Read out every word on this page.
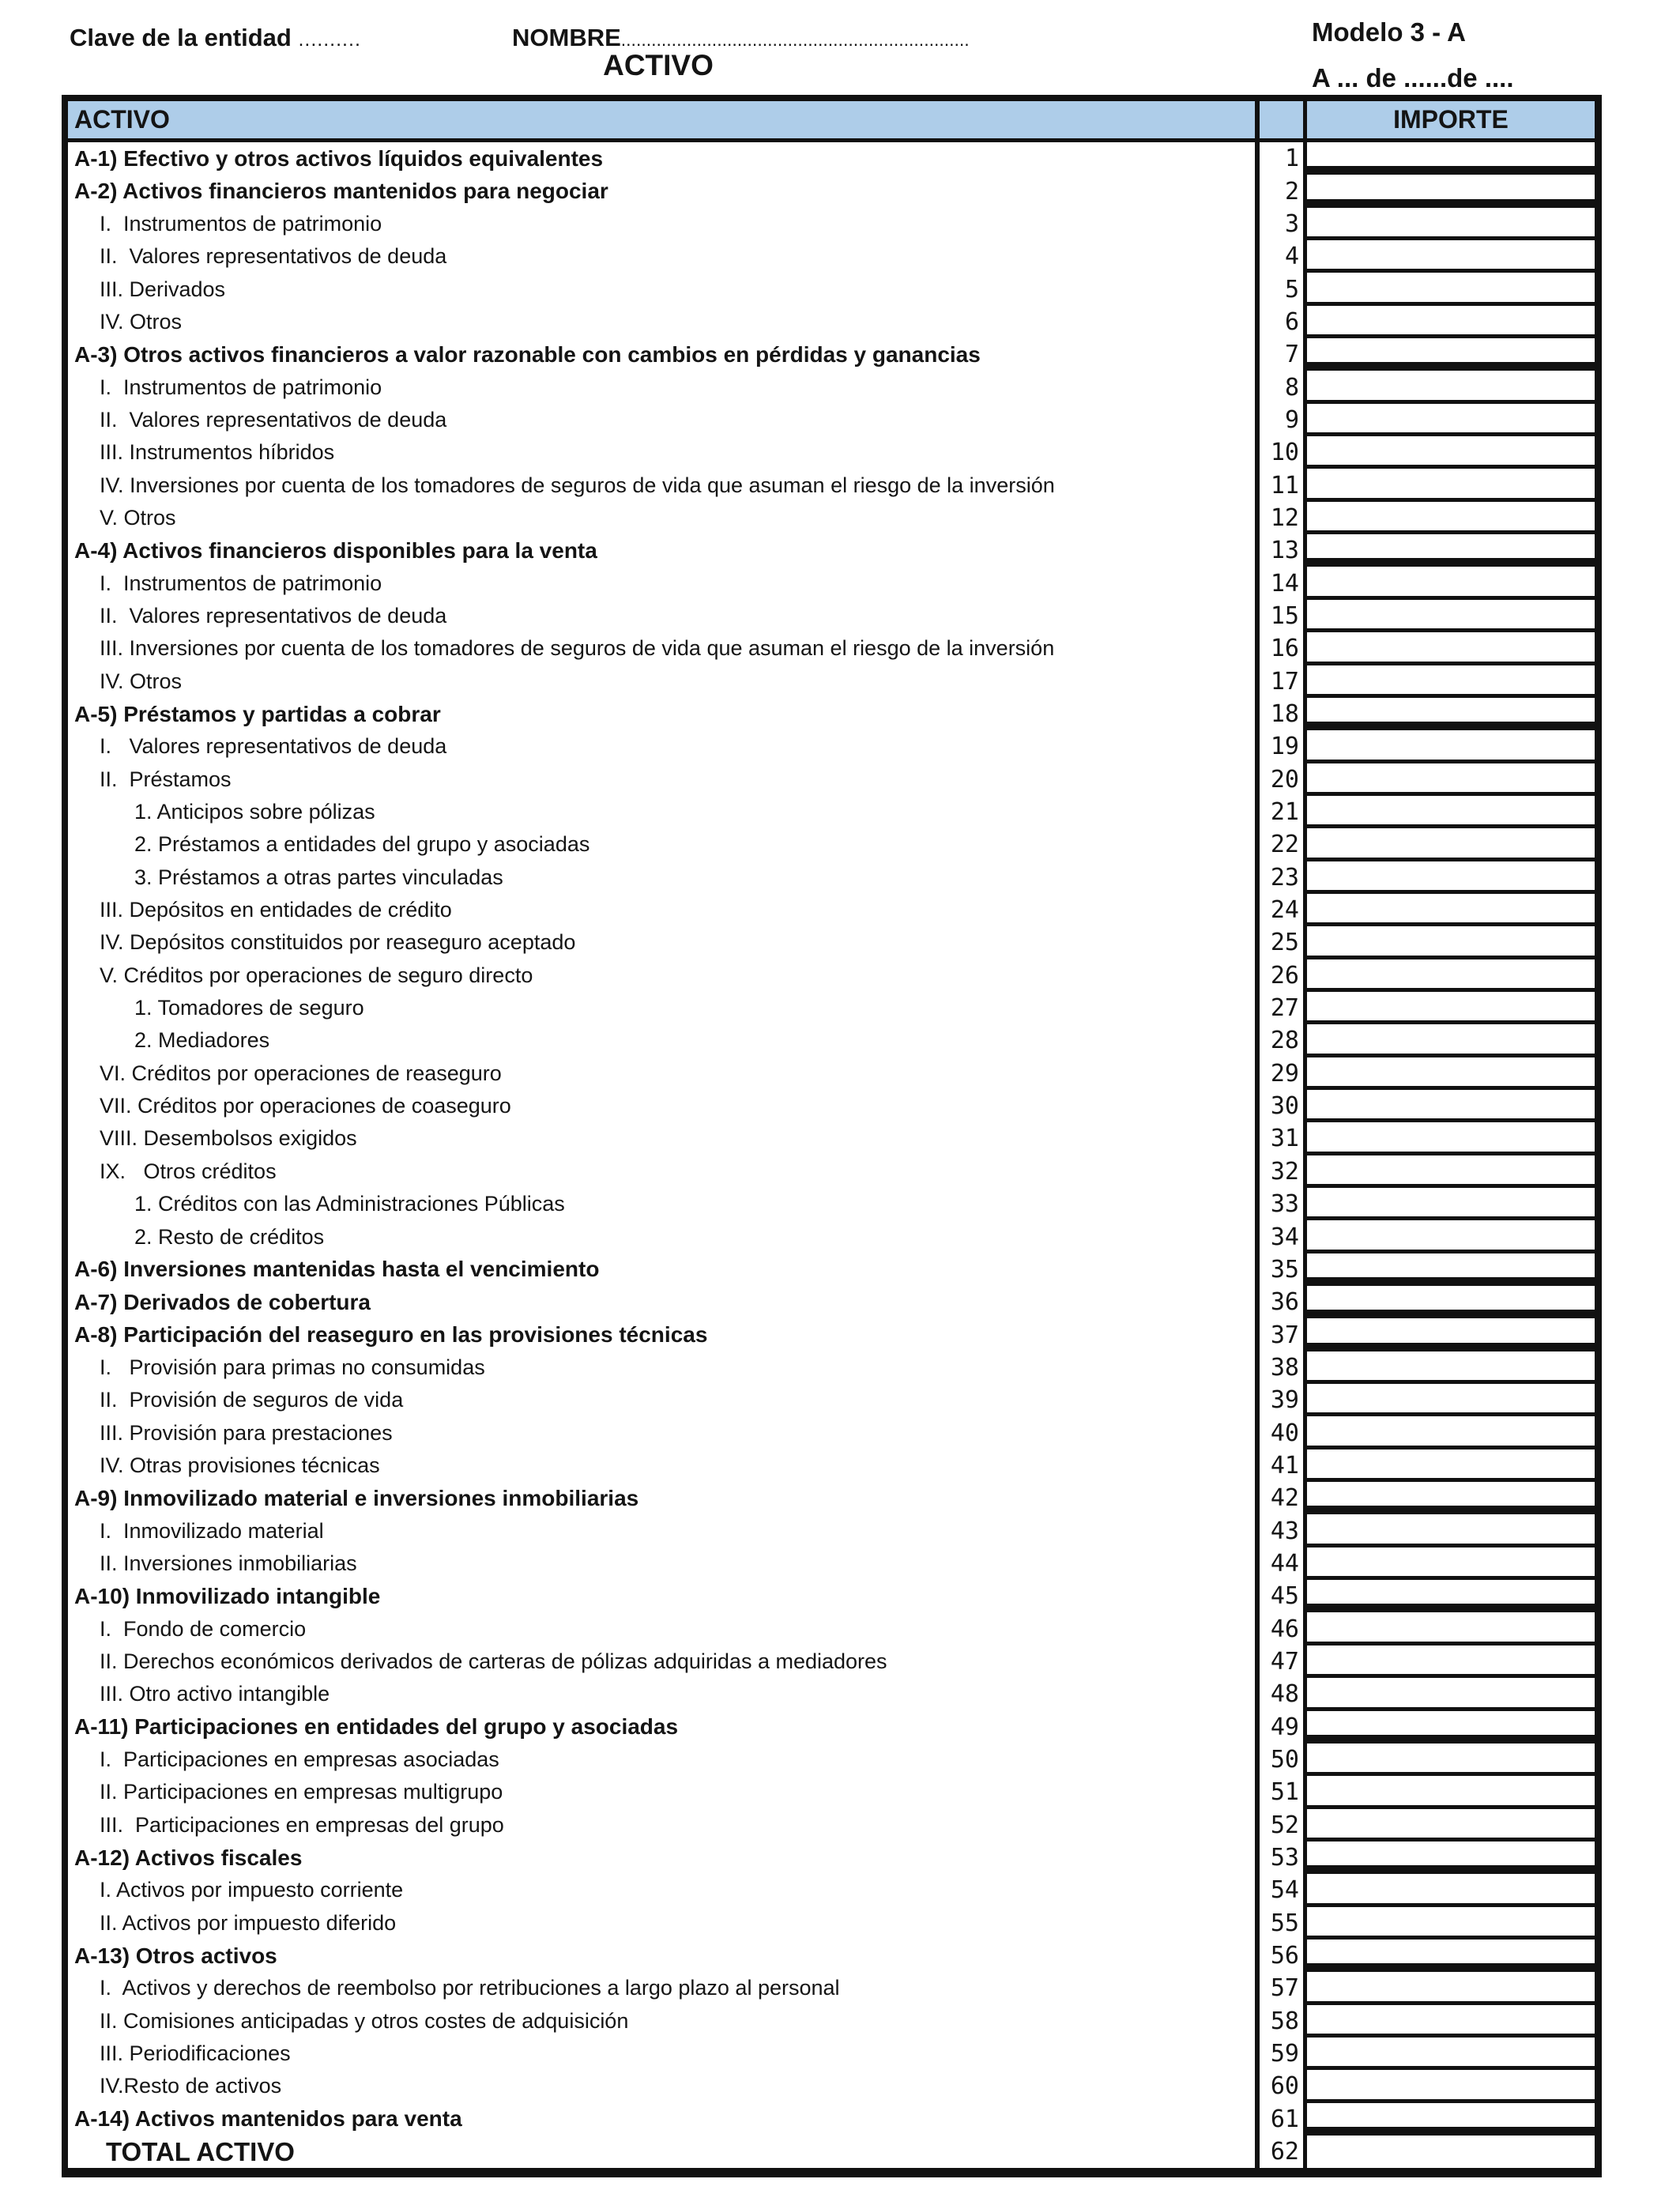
Clave de la entidad ..........	NOMBRE.....................................................................	Modelo 3 - A
ACTIVO	A ... de ......de ....
ACTIVO	IMPORTE
A-1) Efectivo y otros activos líquidos equivalentes	1
A-2) Activos financieros mantenidos para negociar	2
I.  Instrumentos de patrimonio	3
II.  Valores representativos de deuda	4
III. Derivados	5
IV. Otros	6
A-3) Otros activos financieros a valor razonable con cambios en pérdidas y ganancias	7
I.  Instrumentos de patrimonio	8
II.  Valores representativos de deuda	9
III. Instrumentos híbridos	10
IV. Inversiones por cuenta de los tomadores de seguros de vida que asuman el riesgo de la inversión	11
V. Otros	12
A-4) Activos financieros disponibles para la venta	13
I.  Instrumentos de patrimonio	14
II.  Valores representativos de deuda	15
III. Inversiones por cuenta de los tomadores de seguros de vida que asuman el riesgo de la inversión	16
IV. Otros	17
A-5) Préstamos y partidas a cobrar	18
I.   Valores representativos de deuda	19
II.  Préstamos	20
1. Anticipos sobre pólizas	21
2. Préstamos a entidades del grupo y asociadas	22
3. Préstamos a otras partes vinculadas	23
III. Depósitos en entidades de crédito	24
IV. Depósitos constituidos por reaseguro aceptado	25
V. Créditos por operaciones de seguro directo	26
1. Tomadores de seguro	27
2. Mediadores	28
VI. Créditos por operaciones de reaseguro	29
VII. Créditos por operaciones de coaseguro	30
VIII. Desembolsos exigidos	31
IX.   Otros créditos	32
1. Créditos con las Administraciones Públicas	33
2. Resto de créditos	34
A-6) Inversiones mantenidas hasta el vencimiento	35
A-7) Derivados de cobertura	36
A-8) Participación del reaseguro en las provisiones técnicas	37
I.   Provisión para primas no consumidas	38
II.  Provisión de seguros de vida	39
III. Provisión para prestaciones	40
IV. Otras provisiones técnicas	41
A-9) Inmovilizado material e inversiones inmobiliarias	42
I.  Inmovilizado material	43
II. Inversiones inmobiliarias	44
A-10) Inmovilizado intangible	45
I.  Fondo de comercio	46
II. Derechos económicos derivados de carteras de pólizas adquiridas a mediadores	47
III. Otro activo intangible	48
A-11) Participaciones en entidades del grupo y asociadas	49
I.  Participaciones en empresas asociadas	50
II. Participaciones en empresas multigrupo	51
III.  Participaciones en empresas del grupo	52
A-12) Activos fiscales	53
I. Activos por impuesto corriente	54
II. Activos por impuesto diferido	55
A-13) Otros activos	56
I.  Activos y derechos de reembolso por retribuciones a largo plazo al personal	57
II. Comisiones anticipadas y otros costes de adquisición	58
III. Periodificaciones	59
IV.Resto de activos	60
A-14) Activos mantenidos para venta	61
TOTAL ACTIVO	62
